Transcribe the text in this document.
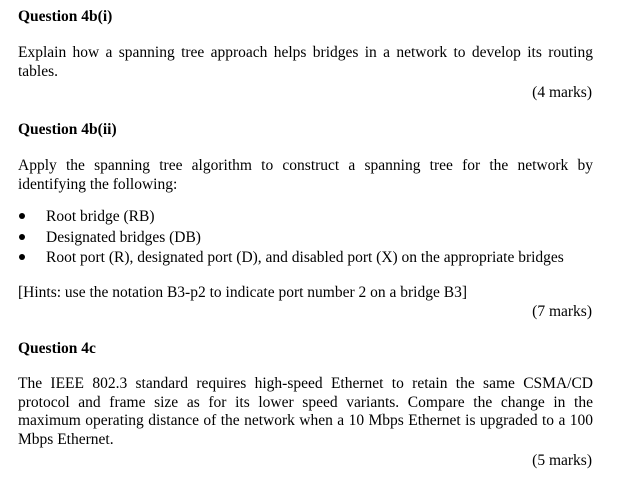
Question 4b(i)
Explain how a spanning tree approach helps bridges in a network to develop its routing tables.
(4 marks)
Question 4b(ii)
Apply the spanning tree algorithm to construct a spanning tree for the network by identifying the following:
Root bridge (RB)
Designated bridges (DB)
Root port (R), designated port (D), and disabled port (X) on the appropriate bridges
[Hints: use the notation B3-p2 to indicate port number 2 on a bridge B3]
(7 marks)
Question 4c
The IEEE 802.3 standard requires high-speed Ethernet to retain the same CSMA/CD protocol and frame size as for its lower speed variants. Compare the change in the maximum operating distance of the network when a 10 Mbps Ethernet is upgraded to a 100 Mbps Ethernet.
(5 marks)
